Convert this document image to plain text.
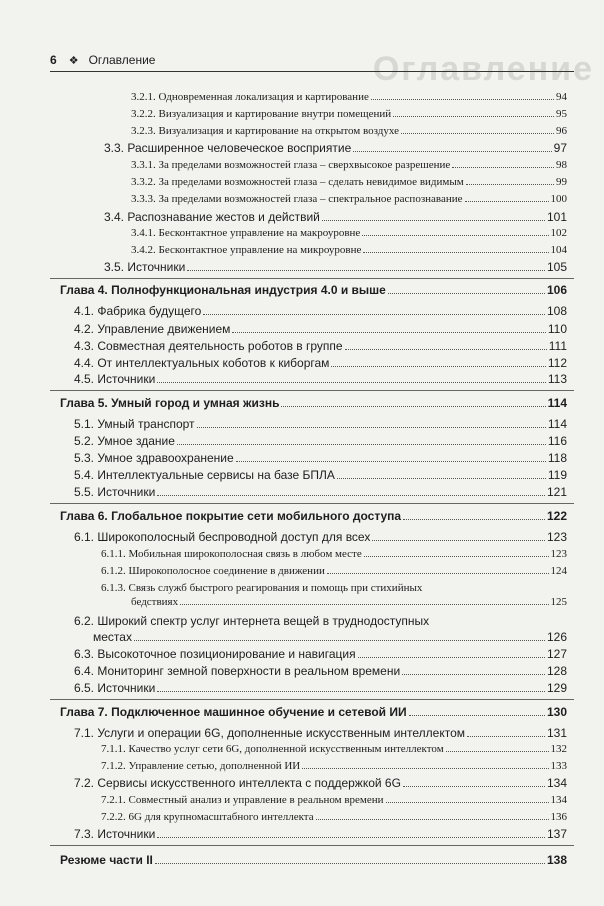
Оглавление
6 ❖ Оглавление
3.2.1. Одновременная локализация и картирование	94
3.2.2. Визуализация и картирование внутри помещений	95
3.2.3. Визуализация и картирование на открытом воздухе	96
3.3. Расширенное человеческое восприятие	97
3.3.1. За пределами возможностей глаза – сверхвысокое разрешение	98
3.3.2. За пределами возможностей глаза – сделать невидимое видимым	99
3.3.3. За пределами возможностей глаза – спектральное распознавание	100
3.4. Распознавание жестов и действий	101
3.4.1. Бесконтактное управление на макроуровне	102
3.4.2. Бесконтактное управление на микроуровне	104
3.5. Источники	105
Глава 4. Полнофункциональная индустрия 4.0 и выше	106
4.1. Фабрика будущего	108
4.2. Управление движением	110
4.3. Совместная деятельность роботов в группе	111
4.4. От интеллектуальных коботов к киборгам	112
4.5. Источники	113
Глава 5. Умный город и умная жизнь	114
5.1. Умный транспорт	114
5.2. Умное здание	116
5.3. Умное здравоохранение	118
5.4. Интеллектуальные сервисы на базе БПЛА	119
5.5. Источники	121
Глава 6. Глобальное покрытие сети мобильного доступа	122
6.1. Широкополосный беспроводной доступ для всех	123
6.1.1. Мобильная широкополосная связь в любом месте	123
6.1.2. Широкополосное соединение в движении	124
6.1.3. Связь служб быстрого реагирования и помощь при стихийных
бедствиях	125
6.2. Широкий спектр услуг интернета вещей в труднодоступных
местах	126
6.3. Высокоточное позиционирование и навигация	127
6.4. Мониторинг земной поверхности в реальном времени	128
6.5. Источники	129
Глава 7. Подключенное машинное обучение и сетевой ИИ	130
7.1. Услуги и операции 6G, дополненные искусственным интеллектом	131
7.1.1. Качество услуг сети 6G, дополненной искусственным интеллектом	132
7.1.2. Управление сетью, дополненной ИИ	133
7.2. Сервисы искусственного интеллекта с поддержкой 6G	134
7.2.1. Совместный анализ и управление в реальном времени	134
7.2.2. 6G для крупномасштабного интеллекта	136
7.3. Источники	137
Резюме части II	138
